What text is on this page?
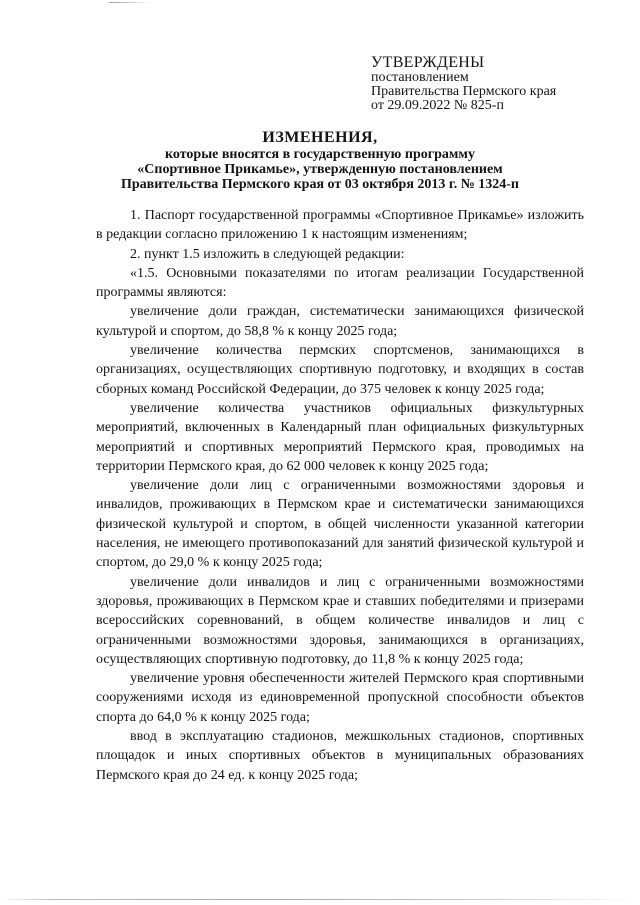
УТВЕРЖДЕНЫ
постановлением
Правительства Пермского края
от 29.09.2022 № 825-п
ИЗМЕНЕНИЯ,
которые вносятся в государственную программу
«Спортивное Прикамье», утвержденную постановлением
Правительства Пермского края от 03 октября 2013 г. № 1324-п

1. Паспорт государственной программы «Спортивное Прикамье» изложить в редакции согласно приложению 1 к настоящим изменениям;

2. пункт 1.5 изложить в следующей редакции:

«1.5. Основными показателями по итогам реализации Государственной программы являются:

увеличение доли граждан, систематически занимающихся физической культурой и спортом, до 58,8 % к концу 2025 года;

увеличение количества пермских спортсменов, занимающихся в организациях, осуществляющих спортивную подготовку, и входящих в состав сборных команд Российской Федерации, до 375 человек к концу 2025 года;

увеличение количества участников официальных физкультурных мероприятий, включенных в Календарный план официальных физкультурных мероприятий и спортивных мероприятий Пермского края, проводимых на территории Пермского края, до 62 000 человек к концу 2025 года;

увеличение доли лиц с ограниченными возможностями здоровья и инвалидов, проживающих в Пермском крае и систематически занимающихся физической культурой и спортом, в общей численности указанной категории населения, не имеющего противопоказаний для занятий физической культурой и спортом, до 29,0 % к концу 2025 года;

увеличение доли инвалидов и лиц с ограниченными возможностями здоровья, проживающих в Пермском крае и ставших победителями и призерами всероссийских соревнований, в общем количестве инвалидов и лиц с ограниченными возможностями здоровья, занимающихся в организациях, осуществляющих спортивную подготовку, до 11,8 % к концу 2025 года;

увеличение уровня обеспеченности жителей Пермского края спортивными сооружениями исходя из единовременной пропускной способности объектов спорта до 64,0 % к концу 2025 года;

ввод в эксплуатацию стадионов, межшкольных стадионов, спортивных площадок и иных спортивных объектов в муниципальных образованиях Пермского края до 24 ед. к концу 2025 года;
